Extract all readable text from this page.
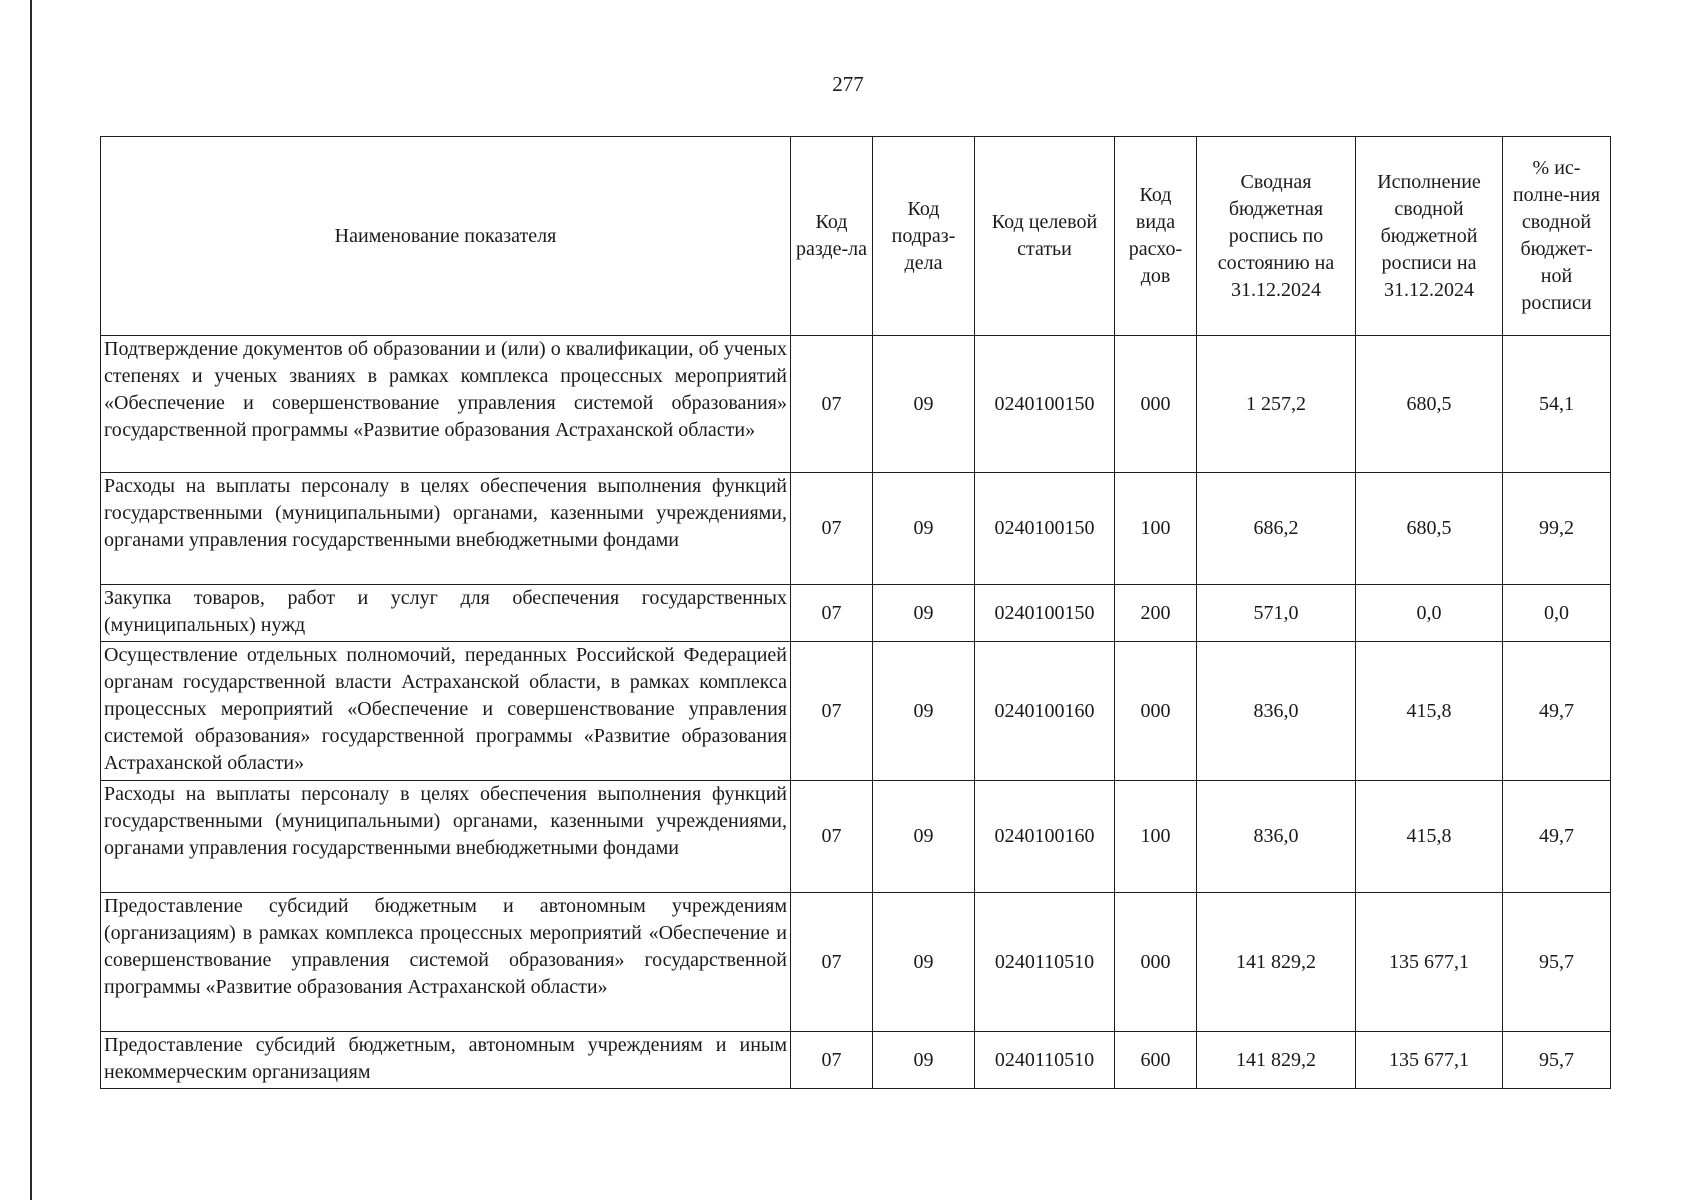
277
Наименование показателя	Код разде-ла	Код подраз-дела	Код целевой статьи	Код вида расхо-дов	Сводная бюджетная роспись по состоянию на 31.12.2024	Исполнение сводной бюджетной росписи на 31.12.2024	% ис-полне-ния сводной бюджет-ной росписи
Подтверждение документов об образовании и (или) о квалификации, об ученых степенях и ученых званиях в рамках комплекса процессных мероприятий «Обеспечение и совершенствование управления системой образования» государственной программы «Развитие образования Астраханской области»	07	09	0240100150	000	1 257,2	680,5	54,1
Расходы на выплаты персоналу в целях обеспечения выполнения функций государственными (муниципальными) органами, казенными учреждениями, органами управления государственными внебюджетными фондами	07	09	0240100150	100	686,2	680,5	99,2
Закупка товаров, работ и услуг для обеспечения государственных (муниципальных) нужд	07	09	0240100150	200	571,0	0,0	0,0
Осуществление отдельных полномочий, переданных Российской Федерацией органам государственной власти Астраханской области, в рамках комплекса процессных мероприятий «Обеспечение и совершенствование управления системой образования» государственной программы «Развитие образования Астраханской области»	07	09	0240100160	000	836,0	415,8	49,7
Расходы на выплаты персоналу в целях обеспечения выполнения функций государственными (муниципальными) органами, казенными учреждениями, органами управления государственными внебюджетными фондами	07	09	0240100160	100	836,0	415,8	49,7
Предоставление субсидий бюджетным и автономным учреждениям (организациям) в рамках комплекса процессных мероприятий «Обеспечение и совершенствование управления системой образования» государственной программы «Развитие образования Астраханской области»	07	09	0240110510	000	141 829,2	135 677,1	95,7
Предоставление субсидий бюджетным, автономным учреждениям и иным некоммерческим организациям	07	09	0240110510	600	141 829,2	135 677,1	95,7
